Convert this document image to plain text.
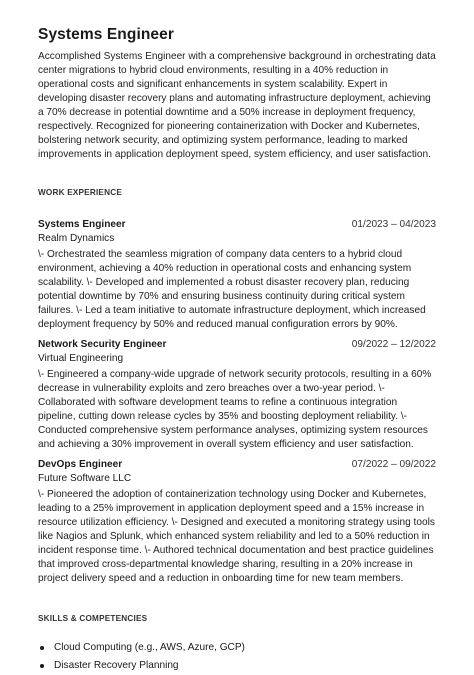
Systems Engineer

Accomplished Systems Engineer with a comprehensive background in orchestrating data center migrations to hybrid cloud environments, resulting in a 40% reduction in operational costs and significant enhancements in system scalability. Expert in developing disaster recovery plans and automating infrastructure deployment, achieving a 70% decrease in potential downtime and a 50% increase in deployment frequency, respectively. Recognized for pioneering containerization with Docker and Kubernetes, bolstering network security, and optimizing system performance, leading to marked improvements in application deployment speed, system efficiency, and user satisfaction.

WORK EXPERIENCE
Systems Engineer	01/2023 – 04/2023
Realm Dynamics

\- Orchestrated the seamless migration of company data centers to a hybrid cloud environment, achieving a 40% reduction in operational costs and enhancing system scalability. \- Developed and implemented a robust disaster recovery plan, reducing potential downtime by 70% and ensuring business continuity during critical system failures. \- Led a team initiative to automate infrastructure deployment, which increased deployment frequency by 50% and reduced manual configuration errors by 90%.

Network Security Engineer	09/2022 – 12/2022
Virtual Engineering

\- Engineered a company-wide upgrade of network security protocols, resulting in a 60% decrease in vulnerability exploits and zero breaches over a two-year period. \- Collaborated with software development teams to refine a continuous integration pipeline, cutting down release cycles by 35% and boosting deployment reliability. \- Conducted comprehensive system performance analyses, optimizing system resources and achieving a 30% improvement in overall system efficiency and user satisfaction.

DevOps Engineer	07/2022 – 09/2022
Future Software LLC

\- Pioneered the adoption of containerization technology using Docker and Kubernetes, leading to a 25% improvement in application deployment speed and a 15% increase in resource utilization efficiency. \- Designed and executed a monitoring strategy using tools like Nagios and Splunk, which enhanced system reliability and led to a 50% reduction in incident response time. \- Authored technical documentation and best practice guidelines that improved cross-departmental knowledge sharing, resulting in a 20% increase in project delivery speed and a reduction in onboarding time for new team members.

SKILLS & COMPETENCIES
Cloud Computing (e.g., AWS, Azure, GCP)
Disaster Recovery Planning
